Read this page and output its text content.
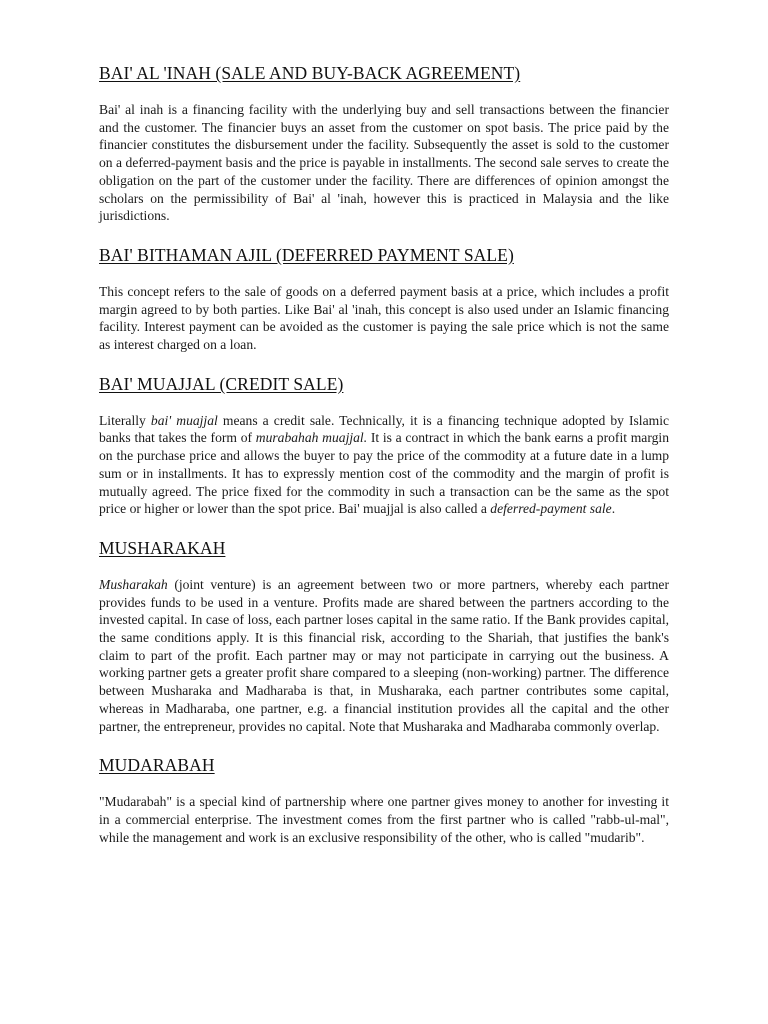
BAI' AL 'INAH (SALE AND BUY-BACK AGREEMENT)

Bai' al inah is a financing facility with the underlying buy and sell transactions between the financier and the customer. The financier buys an asset from the customer on spot basis. The price paid by the financier constitutes the disbursement under the facility. Subsequently the asset is sold to the customer on a deferred-payment basis and the price is payable in installments. The second sale serves to create the obligation on the part of the customer under the facility. There are differences of opinion amongst the scholars on the permissibility of Bai' al 'inah, however this is practiced in Malaysia and the like jurisdictions.

BAI' BITHAMAN AJIL (DEFERRED PAYMENT SALE)

This concept refers to the sale of goods on a deferred payment basis at a price, which includes a profit margin agreed to by both parties. Like Bai' al 'inah, this concept is also used under an Islamic financing facility. Interest payment can be avoided as the customer is paying the sale price which is not the same as interest charged on a loan.

BAI' MUAJJAL (CREDIT SALE)

Literally bai' muajjal means a credit sale. Technically, it is a financing technique adopted by Islamic banks that takes the form of murabahah muajjal. It is a contract in which the bank earns a profit margin on the purchase price and allows the buyer to pay the price of the commodity at a future date in a lump sum or in installments. It has to expressly mention cost of the commodity and the margin of profit is mutually agreed. The price fixed for the commodity in such a transaction can be the same as the spot price or higher or lower than the spot price. Bai' muajjal is also called a deferred-payment sale.

MUSHARAKAH

Musharakah (joint venture) is an agreement between two or more partners, whereby each partner provides funds to be used in a venture. Profits made are shared between the partners according to the invested capital. In case of loss, each partner loses capital in the same ratio. If the Bank provides capital, the same conditions apply. It is this financial risk, according to the Shariah, that justifies the bank's claim to part of the profit. Each partner may or may not participate in carrying out the business. A working partner gets a greater profit share compared to a sleeping (non-working) partner. The difference between Musharaka and Madharaba is that, in Musharaka, each partner contributes some capital, whereas in Madharaba, one partner, e.g. a financial institution provides all the capital and the other partner, the entrepreneur, provides no capital. Note that Musharaka and Madharaba commonly overlap.

MUDARABAH

"Mudarabah" is a special kind of partnership where one partner gives money to another for investing it in a commercial enterprise. The investment comes from the first partner who is called "rabb-ul-mal", while the management and work is an exclusive responsibility of the other, who is called "mudarib".
